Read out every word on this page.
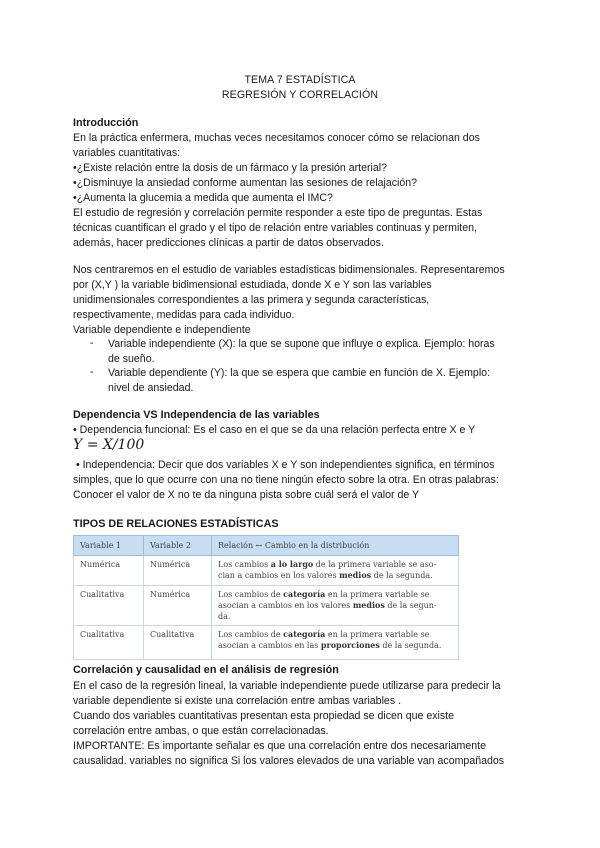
TEMA 7 ESTADÍSTICA
REGRESIÓN Y CORRELACIÓN
Introducción
En la práctica enfermera, muchas veces necesitamos conocer cómo se relacionan dos
variables cuantitativas:
•¿Existe relación entre la dosis de un fármaco y la presión arterial?
•¿Disminuye la ansiedad conforme aumentan las sesiones de relajación?
•¿Aumenta la glucemia a medida que aumenta el IMC?
El estudio de regresión y correlación permite responder a este tipo de preguntas. Estas
técnicas cuantifican el grado y el tipo de relación entre variables continuas y permiten,
además, hacer predicciones clínicas a partir de datos observados.
Nos centraremos en el estudio de variables estadísticas bidimensionales. Representaremos
por (X,Y ) la variable bidimensional estudiada, donde X e Y son las variables
unidimensionales correspondientes a las primera y segunda características,
respectivamente, medidas para cada individuo.
Variable dependiente e independiente
- Variable independiente (X): la que se supone que influye o explica. Ejemplo: horas
de sueño.
- Variable dependiente (Y): la que se espera que cambie en función de X. Ejemplo:
nivel de ansiedad.
Dependencia VS Independencia de las variables
• Dependencia funcional: Es el caso en el que se da una relación perfecta entre X e Y
Y = X/100
• Independencia: Decir que dos variables X e Y son independientes significa, en términos
simples, que lo que ocurre con una no tiene ningún efecto sobre la otra. En otras palabras:
Conocer el valor de X no te da ninguna pista sobre cuál será el valor de Y
TIPOS DE RELACIONES ESTADÍSTICAS
Variable 1	Variable 2	Relación ↔ Cambio en la distribución
Numérica	Numérica	Los cambios a lo largo de la primera variable se aso-
cian a cambios en los valores medios de la segunda.
Cualitativa	Numérica	Los cambios de categoría en la primera variable se
asocian a cambios en los valores medios de la segun-
da.
Cualitativa	Cualitativa	Los cambios de categoría en la primera variable se
asocian a cambios en las proporciones de la segunda.
Correlación y causalidad en el análisis de regresión
En el caso de la regresión lineal, la variable independiente puede utilizarse para predecir la
variable dependiente si existe una correlación entre ambas variables .
Cuando dos variables cuantitativas presentan esta propiedad se dicen que existe
correlación entre ambas, o que están correlacionadas.
IMPORTANTE: Es importante señalar es que una correlación entre dos necesariamente
causalidad. variables no significa Si los valores elevados de una variable van acompañados
